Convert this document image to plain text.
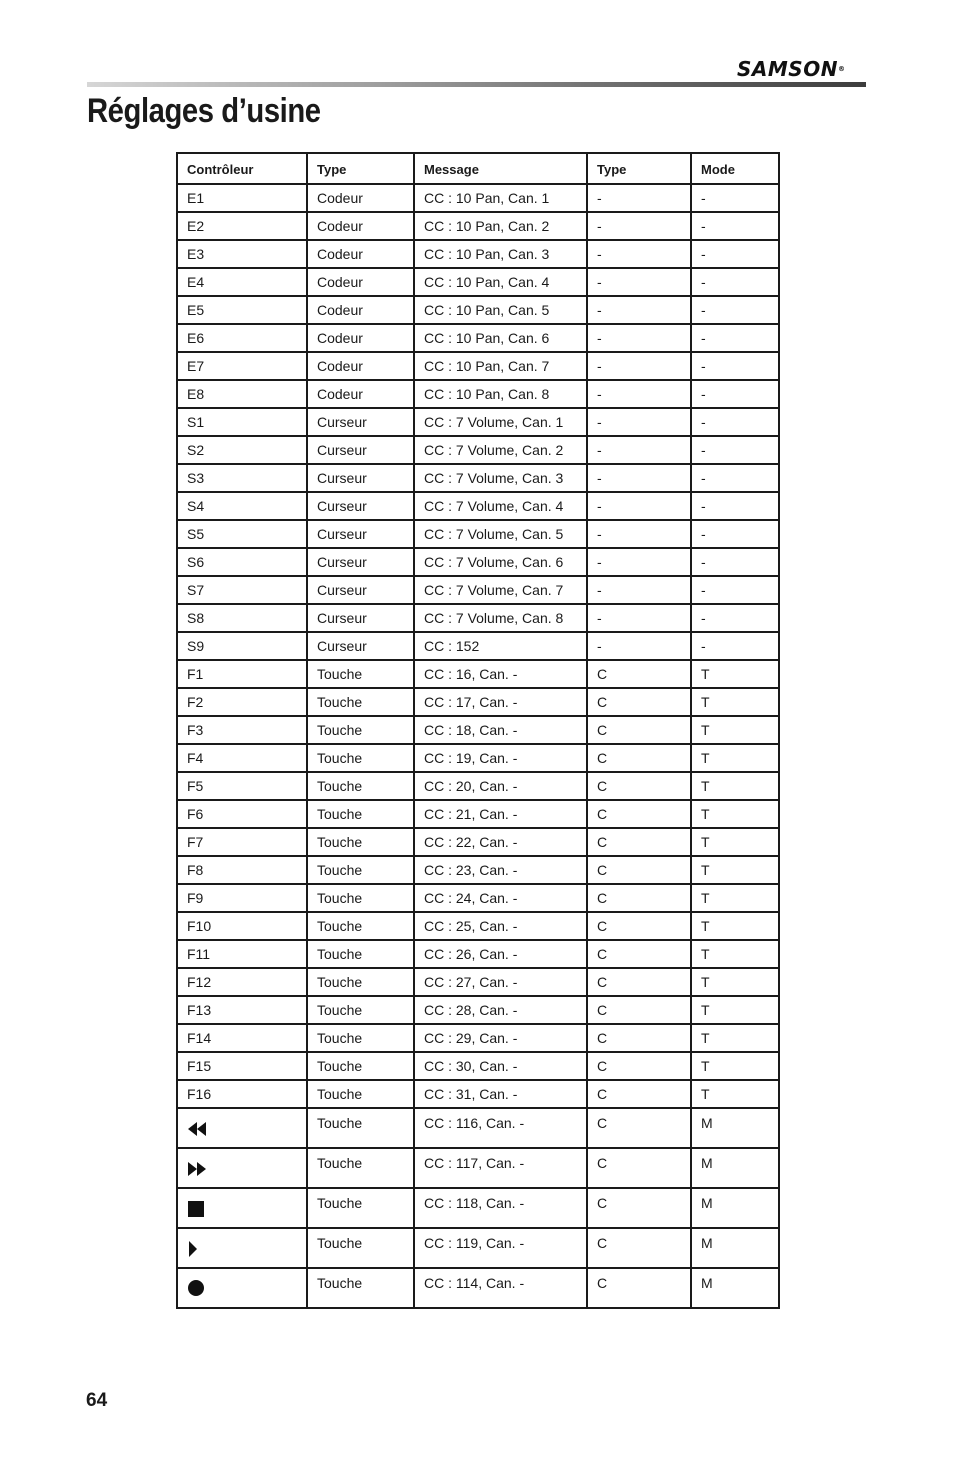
SAMSON®
Réglages d’usine
Contrôleur	Type	Message	Type	Mode
E1	Codeur	CC : 10 Pan, Can. 1	-	-
E2	Codeur	CC : 10 Pan, Can. 2	-	-
E3	Codeur	CC : 10 Pan, Can. 3	-	-
E4	Codeur	CC : 10 Pan, Can. 4	-	-
E5	Codeur	CC : 10 Pan, Can. 5	-	-
E6	Codeur	CC : 10 Pan, Can. 6	-	-
E7	Codeur	CC : 10 Pan, Can. 7	-	-
E8	Codeur	CC : 10 Pan, Can. 8	-	-
S1	Curseur	CC : 7 Volume, Can. 1	-	-
S2	Curseur	CC : 7 Volume, Can. 2	-	-
S3	Curseur	CC : 7 Volume, Can. 3	-	-
S4	Curseur	CC : 7 Volume, Can. 4	-	-
S5	Curseur	CC : 7 Volume, Can. 5	-	-
S6	Curseur	CC : 7 Volume, Can. 6	-	-
S7	Curseur	CC : 7 Volume, Can. 7	-	-
S8	Curseur	CC : 7 Volume, Can. 8	-	-
S9	Curseur	CC : 152	-	-
F1	Touche	CC : 16, Can. -	C	T
F2	Touche	CC : 17, Can. -	C	T
F3	Touche	CC : 18, Can. -	C	T
F4	Touche	CC : 19, Can. -	C	T
F5	Touche	CC : 20, Can. -	C	T
F6	Touche	CC : 21, Can. -	C	T
F7	Touche	CC : 22, Can. -	C	T
F8	Touche	CC : 23, Can. -	C	T
F9	Touche	CC : 24, Can. -	C	T
F10	Touche	CC : 25, Can. -	C	T
F11	Touche	CC : 26, Can. -	C	T
F12	Touche	CC : 27, Can. -	C	T
F13	Touche	CC : 28, Can. -	C	T
F14	Touche	CC : 29, Can. -	C	T
F15	Touche	CC : 30, Can. -	C	T
F16	Touche	CC : 31, Can. -	C	T

	Touche	CC : 116, Can. -	C	M

	Touche	CC : 117, Can. -	C	M

	Touche	CC : 118, Can. -	C	M

	Touche	CC : 119, Can. -	C	M

	Touche	CC : 114, Can. -	C	M
64
